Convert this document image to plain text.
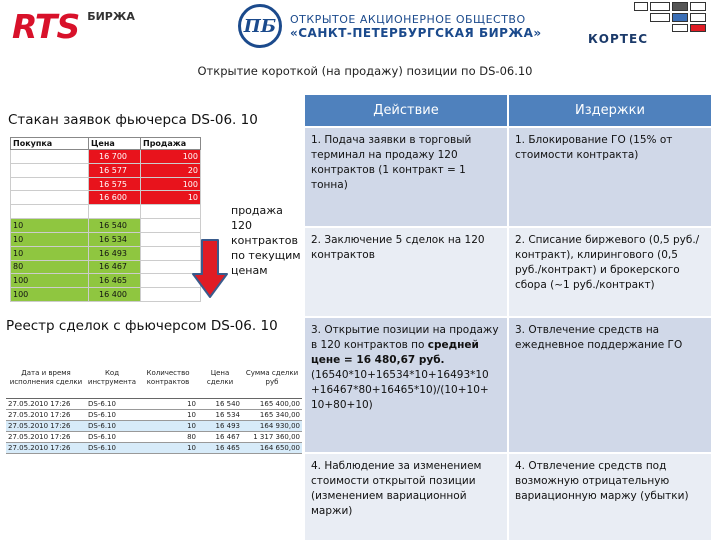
RTS БИРЖА	ПБ	ОТКРЫТОЕ АКЦИОНЕРНОЕ ОБЩЕСТВО
«САНКТ-ПЕТЕРБУРГСКАЯ БИРЖА»	КОРТЕС
Открытие короткой (на продажу) позиции по DS-06.10
Стакан заявок фьючерса DS-06. 10
Покупка	Цена	Продажа
	16 700	100
	16 577	20
	16 575	100
	16 600	10

10	16 540	
10	16 534	
10	16 493	
80	16 467	
100	16 465	
100	16 400	
продажа 120 контрактов по текущим ценам
Реестр сделок с фьючерсом DS-06. 10
Дата и время исполнения сделки	Код инструмента	Количество контрактов	Цена сделки	Сумма сделки руб
27.05.2010 17:26	DS-6.10	10	16 540	165 400,00
27.05.2010 17:26	DS-6.10	10	16 534	165 340,00
27.05.2010 17:26	DS-6.10	10	16 493	164 930,00
27.05.2010 17:26	DS-6.10	80	16 467	1 317 360,00
27.05.2010 17:26	DS-6.10	10	16 465	164 650,00
Действие	Издержки
1. Подача заявки в торговый терминал на продажу 120 контрактов (1 контракт = 1 тонна)	1. Блокирование ГО (15% от стоимости контракта)
2. Заключение 5 сделок на 120 контрактов	2. Списание биржевого (0,5 руб./контракт), клирингового (0,5 руб./контракт) и брокерского сбора (~1 руб./контракт)
3. Открытие позиции на продажу в 120 контрактов по средней цене = 16 480,67 руб. (16540*10+16534*10+16493*10 +16467*80+16465*10)/(10+10+ 10+80+10)	3. Отвлечение средств на ежедневное поддержание ГО
4. Наблюдение за изменением стоимости открытой позиции (изменением вариационной маржи)	4. Отвлечение средств под возможную отрицательную вариационную маржу (убытки)
